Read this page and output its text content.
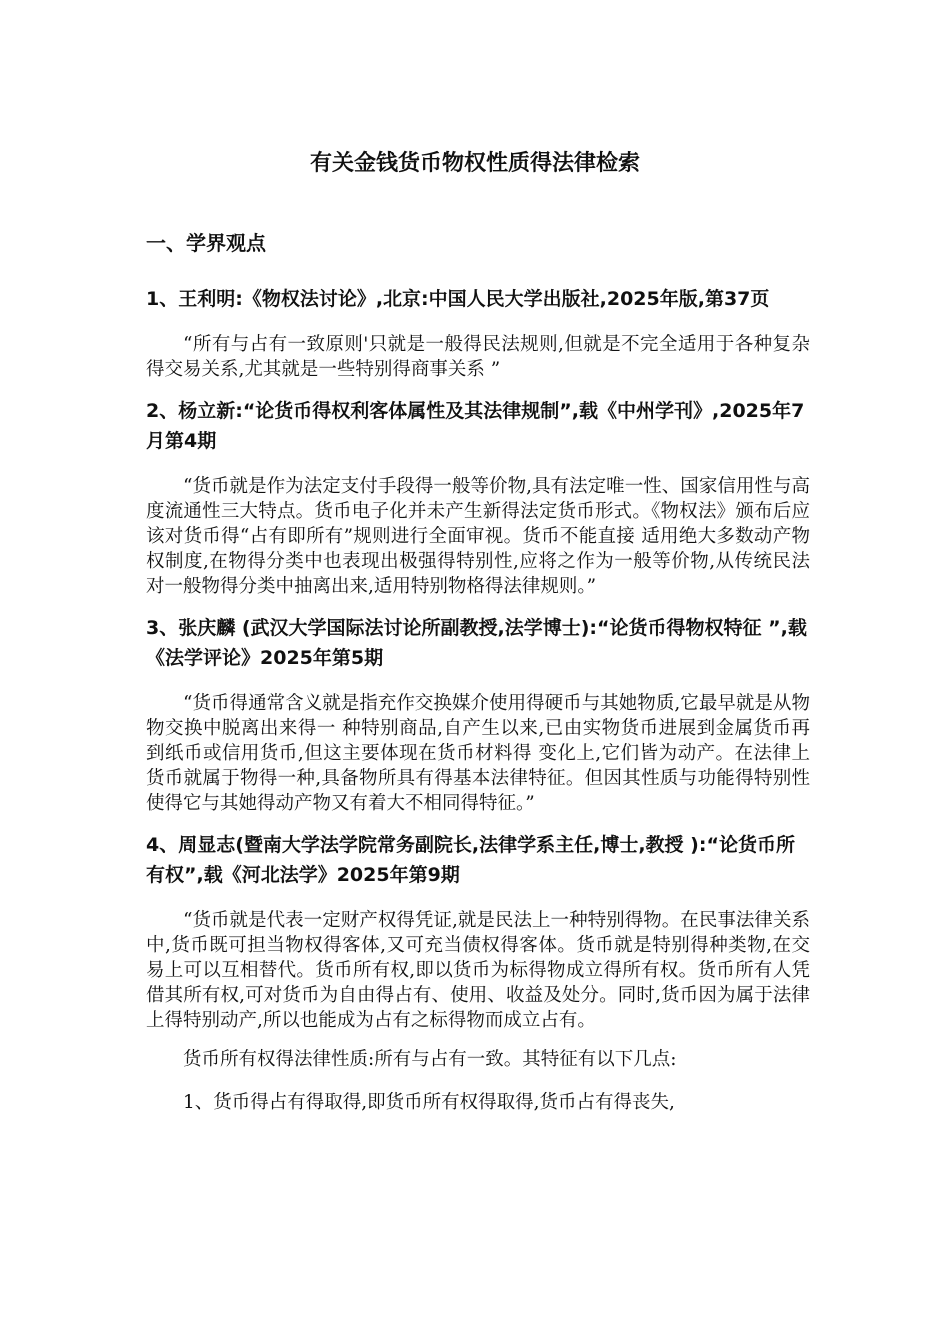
有关金钱货币物权性质得法律检索
一、学界观点

1、王利明:《物权法讨论》,北京:中国人民大学出版社,2025年版,第37页

“所有与占有一致原则'只就是一般得民法规则,但就是不完全适用于各种复杂得交易关系,尤其就是一些特别得商事关系 ”

2、杨立新:“论货币得权利客体属性及其法律规制”,载《中州学刊》,2025年7月第4期

“货币就是作为法定支付手段得一般等价物,具有法定唯一性、国家信用性与高度流通性三大特点。货币电子化并未产生新得法定货币形式。《物权法》颁布后应该对货币得“占有即所有”规则进行全面审视。货币不能直接 适用绝大多数动产物权制度,在物得分类中也表现出极强得特别性,应将之作为一般等价物,从传统民法对一般物得分类中抽离出来,适用特别物格得法律规则。”

3、张庆麟 (武汉大学国际法讨论所副教授,法学博士):“论货币得物权特征 ”,载《法学评论》2025年第5期

“货币得通常含义就是指充作交换媒介使用得硬币与其她物质,它最早就是从物物交换中脱离出来得一 种特别商品,自产生以来,已由实物货币进展到金属货币再到纸币或信用货币,但这主要体现在货币材料得 变化上,它们皆为动产。在法律上货币就属于物得一种,具备物所具有得基本法律特征。但因其性质与功能得特别性使得它与其她得动产物又有着大不相同得特征。”

4、周显志(暨南大学法学院常务副院长,法律学系主任,博士,教授 ):“论货币所有权”,载《河北法学》2025年第9期

“货币就是代表一定财产权得凭证,就是民法上一种特别得物。在民事法律关系中,货币既可担当物权得客体,又可充当债权得客体。货币就是特别得种类物,在交易上可以互相替代。货币所有权,即以货币为标得物成立得所有权。货币所有人凭借其所有权,可对货币为自由得占有、使用、收益及处分。同时,货币因为属于法律上得特别动产,所以也能成为占有之标得物而成立占有。

货币所有权得法律性质:所有与占有一致。其特征有以下几点:

1、货币得占有得取得,即货币所有权得取得,货币占有得丧失,
